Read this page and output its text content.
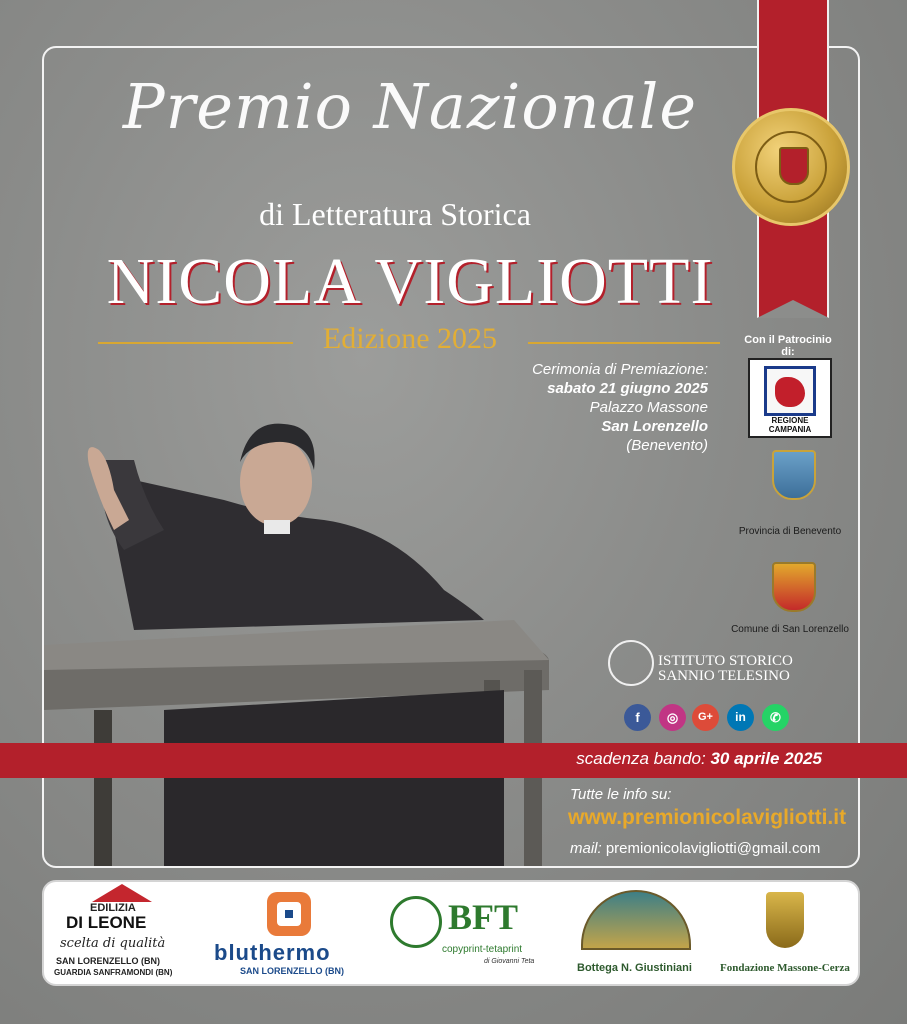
Premio Nazionale
di Letteratura Storica
NICOLA VIGLIOTTI
Edizione 2025
Cerimonia di Premiazione:
sabato 21 giugno 2025
Palazzo Massone
San Lorenzello
(Benevento)
Con il Patrocinio di:
REGIONE CAMPANIA
Provincia di Benevento
Comune di San Lorenzello
ISTITUTO STORICO
SANNIO TELESINO
f	◎	G+	in	✆
scadenza bando: 30 aprile 2025
Tutte le info su:
www.premionicolavigliotti.it
mail: premionicolavigliotti@gmail.com
EDILIZIA
DI LEONE
scelta di qualità
SAN LORENZELLO (BN)
GUARDIA SANFRAMONDI (BN)
bluthermo
SAN LORENZELLO (BN)
BFT
copyprint-tetaprint
di Giovanni Teta
Bottega N. Giustiniani	Fondazione Massone-Cerza
